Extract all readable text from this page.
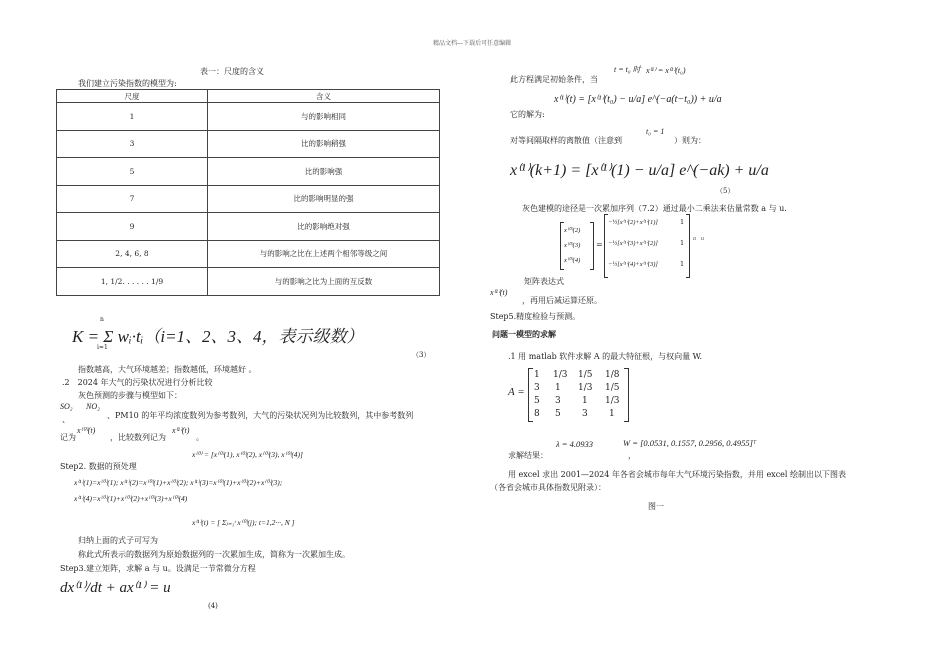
精品文档---下载后可任意编辑
表一：尺度的含义
我们建立污染指数的模型为:
尺度	含义
1	与的影响相同
3	比的影响稍强
5	比的影响强
7	比的影响明显的强
9	比的影响绝对强
2, 4, 6, 8	与的影响之比在上述两个相邻等级之间
1, 1/2. . . . . . 1/9	与的影响之比为上面的互反数
n
K = Σ wᵢ·tᵢ（i=1、2、3、4，表示级数）
i=1
（3）
指数越高，大气环境越差；指数越低，环境越好 。
.2　2024 年大气的污染状况进行分析比较
灰色预测的步骤与模型如下：
SO₂ NO₂
、	、PM10 的年平均浓度数列为参考数列，大气的污染状况列为比较数列，其中参考数列
记为
x⁽⁰⁾(t)
，比较数列记为
x⁽¹⁾(t)
。
x⁽⁰⁾ = [x⁽⁰⁾(1), x⁽⁰⁾(2), x⁽⁰⁾(3), x⁽⁰⁾(4)]
Step2. 数据的预处理
x⁽¹⁾(1)=x⁽⁰⁾(1); x⁽¹⁾(2)=x⁽⁰⁾(1)+x⁽⁰⁾(2); x⁽¹⁾(3)=x⁽⁰⁾(1)+x⁽⁰⁾(2)+x⁽⁰⁾(3);
x⁽¹⁾(4)=x⁽⁰⁾(1)+x⁽⁰⁾(2)+x⁽⁰⁾(3)+x⁽⁰⁾(4)
x⁽¹⁾(t) = [ Σⱼ₌₁ᵗ x⁽⁰⁾(j); t=1,2···, N ]
归纳上面的式子可写为
称此式所表示的数据列为原始数据列的一次累加生成，简称为一次累加生成。
Step3.建立矩阵，求解 a 与 u。设满足一节常微分方程
dx⁽¹⁾/dt + ax⁽¹⁾ = u
(4)
此方程满足初始条件，当
t = t₀ 时 x⁽¹⁾ = x⁽¹⁾(t₀)
x⁽¹⁾(t) = [x⁽¹⁾(t₀) − u/a] e^(−a(t−t₀)) + u/a
它的解为:
对等间隔取样的离散值（注意到
t₀ = 1
）则为：
x⁽¹⁾(k+1) = [x⁽¹⁾(1) − u/a] e^(−ak) + u/a
（5）
灰色建模的途径是一次累加序列（7.2）通过最小二乘法来估量常数 a 与 u.
x⁽⁰⁾(2)
x⁽⁰⁾(3)
x⁽⁰⁾(4)
=
−½[x⁽¹⁾(2)+x⁽¹⁾(1)]
−½[x⁽¹⁾(3)+x⁽¹⁾(2)]
−½[x⁽¹⁾(4)+x⁽¹⁾(3)]
1
1
1
a u
矩阵表达式
x⁽¹⁾(t)
，再用后减运算还原。
Step5.精度检验与预测。
问题一模型的求解
.1 用 matlab 软件求解 A 的最大特征根，与权向量 W.
A =
1 1/3 1/5 1/8
3 1 1/3 1/5
5 3 1 1/3
8 5 3 1
λ = 4.0933	W = [0.0531, 0.1557, 0.2956, 0.4955]ᵀ
求解结果：	，
用 excel 求出 2001—2024 年各省会城市每年大气环境污染指数，并用 excel 绘制出以下图表
（各省会城市具体指数见附录）：
图一
